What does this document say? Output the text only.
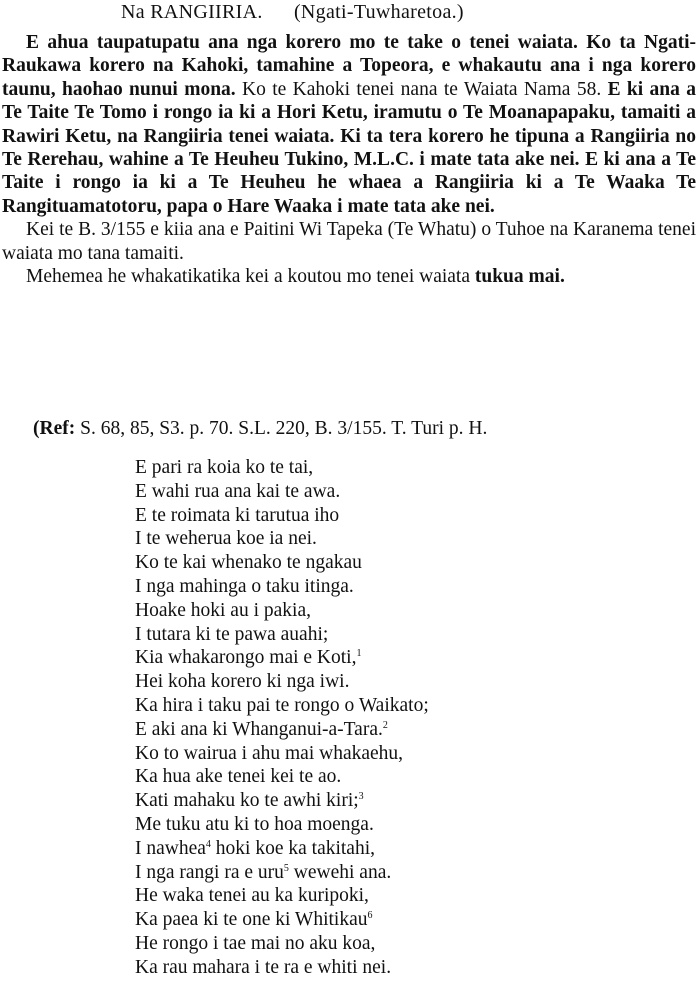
Na RANGIIRIA. (Ngati-Tuwharetoa.)

E ahua taupatupatu ana nga korero mo te take o tenei waiata. Ko ta Ngati-Raukawa korero na Kahoki, tamahine a Topeora, e whakautu ana i nga korero taunu, haohao nunui mona. Ko te Kahoki tenei nana te Waiata Nama 58. E ki ana a Te Taite Te Tomo i rongo ia ki a Hori Ketu, iramutu o Te Moanapapaku, tamaiti a Rawiri Ketu, na Rangiiria tenei waiata. Ki ta tera korero he tipuna a Rangiiria no Te Rerehau, wahine a Te Heuheu Tukino, M.L.C. i mate tata ake nei. E ki ana a Te Taite i rongo ia ki a Te Heuheu he whaea a Rangiiria ki a Te Waaka Te Rangituamatotoru, papa o Hare Waaka i mate tata ake nei.

Kei te B. 3/155 e kiia ana e Paitini Wi Tapeka (Te Whatu) o Tuhoe na Karanema tenei waiata mo tana tamaiti.

Mehemea he whakatikatika kei a koutou mo tenei waiata tukua mai.

(Ref: S. 68, 85, S3. p. 70. S.L. 220, B. 3/155. T. Turi p. H.
E pari ra koia ko te tai,
E wahi rua ana kai te awa.
E te roimata ki tarutua iho
I te weherua koe ia nei.
Ko te kai whenako te ngakau
I nga mahinga o taku itinga.
Hoake hoki au i pakia,
I tutara ki te pawa auahi;
Kia whakarongo mai e Koti,$^1$
Hei koha korero ki nga iwi.
Ka hira i taku pai te rongo o Waikato;
E aki ana ki Whanganui-a-Tara.$^2$
Ko to wairua i ahu mai whakaehu,
Ka hua ake tenei kei te ao.
Kati mahaku ko te awhi kiri;$^3$
Me tuku atu ki to hoa moenga.
I nawhea$^4$ hoki koe ka takitahi,
I nga rangi ra e uru$^5$ wewehi ana.
He waka tenei au ka kuripoki,
Ka paea ki te one ki Whitikau$^6$
He rongo i tae mai no aku koa,
Ka rau mahara i te ra e whiti nei.
